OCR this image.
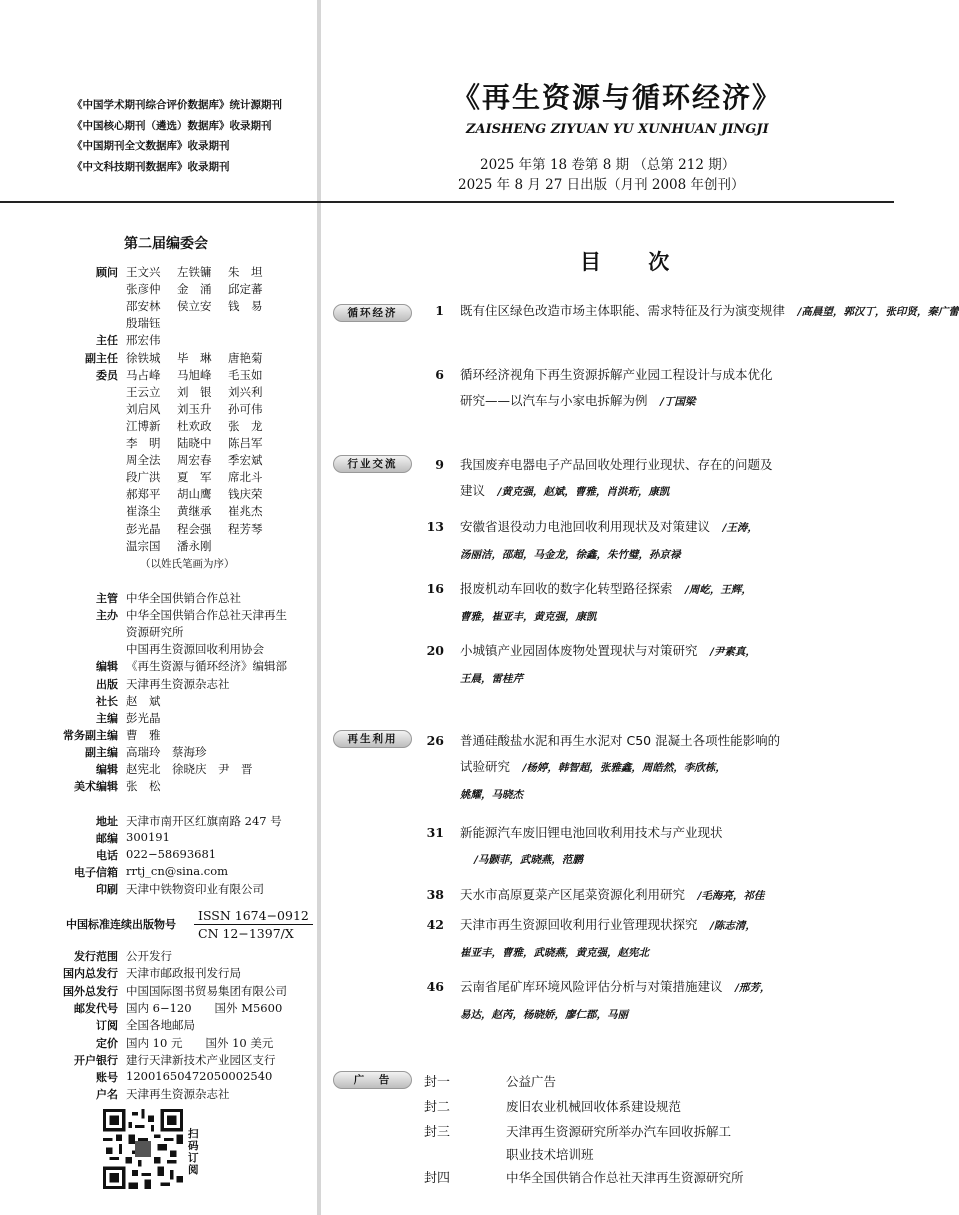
《中国学术期刊综合评价数据库》统计源期刊
《中国核心期刊（遴选）数据库》收录期刊
《中国期刊全文数据库》收录期刊
《中文科技期刊数据库》收录期刊
《再生资源与循环经济》
ZAISHENG ZIYUAN YU XUNHUAN JINGJI
2025 年第 18 卷第 8 期 （总第 212 期）
2025 年 8 月 27 日出版（月刊 2008 年创刊）
第二届编委会
顾问 王文兴	左铁镛	朱　坦
张彦仲	金　涌	邱定蕃
邵安林	侯立安	钱　易
殷瑞钰
主任 邢宏伟
副主任 徐铁城	毕　琳	唐艳菊
委员 马占峰	马旭峰	毛玉如
王云立	刘　银	刘兴利
刘启风	刘玉升	孙可伟
江博新	杜欢政	张　龙
李　明	陆晓中	陈吕军
周全法	周宏春	季宏斌
段广洪	夏　军	席北斗
郝郑平	胡山鹰	钱庆荣
崔涤尘	黄继承	崔兆杰
彭光晶	程会强	程芳琴
温宗国	潘永刚
（以姓氏笔画为序）
主管 中华全国供销合作总社
主办 中华全国供销合作总社天津再生
资源研究所
中国再生资源回收利用协会
编辑 《再生资源与循环经济》编辑部
出版 天津再生资源杂志社
社长 赵　斌
主编 彭光晶
常务副主编 曹　雅
副主编 高瑞玲　蔡海珍
编辑 赵宪北　徐晓庆　尹　晋
美术编辑 张　松
地址 天津市南开区红旗南路 247 号
邮编 300191
电话 022−58693681
电子信箱 rrtj_cn@sina.com
印刷 天津中铁物资印业有限公司
中国标准连续出版物号
ISSN 1674−0912
CN 12−1397/X
发行范围 公开发行
国内总发行 天津市邮政报刊发行局
国外总发行 中国国际图书贸易集团有限公司
邮发代号 国内 6−120　　国外 M5600
订阅 全国各地邮局
定价 国内 10 元　　国外 10 美元
开户银行 建行天津新技术产业园区支行
账号 12001650472050002540
户名 天津再生资源杂志社
扫码订阅
目 次
循环经济
行业交流
再生利用
广　告
1 既有住区绿色改造市场主体职能、需求特征及行为演变规律　 /高晨望，郭汉丁，张印贤，秦广蕾
6 循环经济视角下再生资源拆解产业园工程设计与成本优化
研究——以汽车与小家电拆解为例　 /丁国梁
9 我国废弃电器电子产品回收处理行业现状、存在的问题及
建议　 /黄克强，赵斌，曹雅，肖洪珩，康凯
13 安徽省退役动力电池回收利用现状及对策建议　 /王涛，
汤丽洁，邵超，马金龙，徐鑫，朱竹璧，孙京禄
16 报废机动车回收的数字化转型路径探索　 /周屹，王辉，
曹雅，崔亚丰，黄克强，康凯
20 小城镇产业园固体废物处置现状与对策研究　 /尹素真，
王晨，雷桂芹
26 普通硅酸盐水泥和再生水泥对 C50 混凝土各项性能影响的
试验研究　 /杨婷，韩智超，张雅鑫，周皓然，李欣栋，
姚耀，马晓杰
31 新能源汽车废旧锂电池回收利用技术与产业现状
/马颢菲，武晓燕，范鹏
38 天水市高原夏菜产区尾菜资源化利用研究　 /毛海亮，祁佳
42 天津市再生资源回收利用行业管理现状探究　 /陈志清，
崔亚丰，曹雅，武晓燕，黄克强，赵宪北
46 云南省尾矿库环境风险评估分析与对策措施建议　 /邢芳，
易达，赵芮，杨晓娇，廖仁郡，马丽
封一	公益广告
封二	废旧农业机械回收体系建设规范
封三	天津再生资源研究所举办汽车回收拆解工
职业技术培训班
封四	中华全国供销合作总社天津再生资源研究所
